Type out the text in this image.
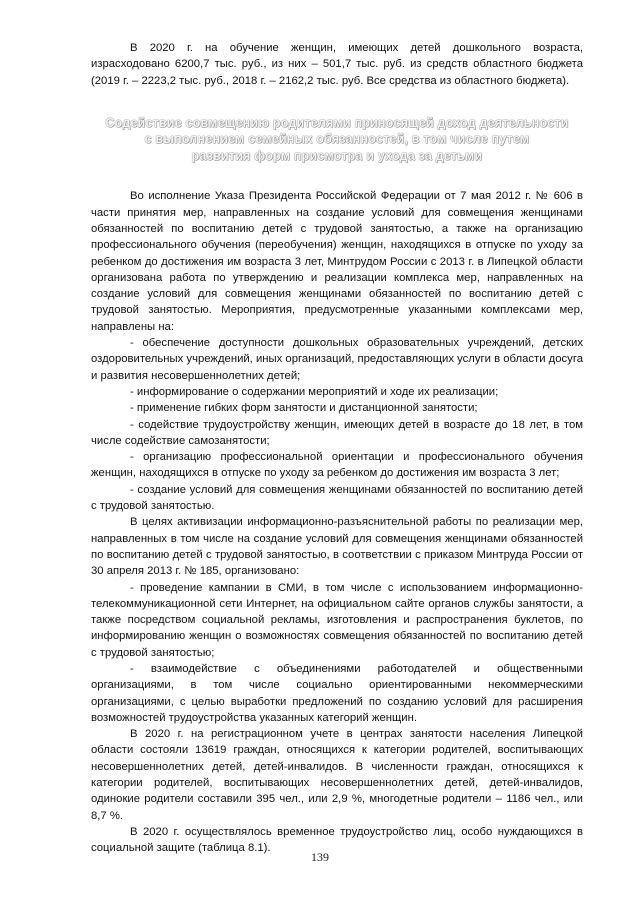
В 2020 г. на обучение женщин, имеющих детей дошкольного возраста, израсходовано 6200,7 тыс. руб., из них – 501,7 тыс. руб. из средств областного бюджета (2019 г. – 2223,2 тыс. руб., 2018 г. – 2162,2 тыс. руб. Все средства из областного бюджета).

Содействие совмещению родителями приносящей доход деятельности
с выполнением семейных обязанностей, в том числе путем
развития форм присмотра и ухода за детьми

Во исполнение Указа Президента Российской Федерации от 7 мая 2012 г. № 606 в части принятия мер, направленных на создание условий для совмещения женщинами обязанностей по воспитанию детей с трудовой занятостью, а также на организацию профессионального обучения (переобучения) женщин, находящихся в отпуске по уходу за ребенком до достижения им возраста 3 лет, Минтрудом России с 2013 г. в Липецкой области организована работа по утверждению и реализации комплекса мер, направленных на создание условий для совмещения женщинами обязанностей по воспитанию детей с трудовой занятостью. Мероприятия, предусмотренные указанными комплексами мер, направлены на:

- обеспечение доступности дошкольных образовательных учреждений, детских оздоровительных учреждений, иных организаций, предоставляющих услуги в области досуга и развития несовершеннолетних детей;

- информирование о содержании мероприятий и ходе их реализации;

- применение гибких форм занятости и дистанционной занятости;

- содействие трудоустройству женщин, имеющих детей в возрасте до 18 лет, в том числе содействие самозанятости;

- организацию профессиональной ориентации и профессионального обучения женщин, находящихся в отпуске по уходу за ребенком до достижения им возраста 3 лет;

- создание условий для совмещения женщинами обязанностей по воспитанию детей с трудовой занятостью.

В целях активизации информационно-разъяснительной работы по реализации мер, направленных в том числе на создание условий для совмещения женщинами обязанностей по воспитанию детей с трудовой занятостью, в соответствии с приказом Минтруда России от 30 апреля 2013 г. № 185, организовано:

- проведение кампании в СМИ, в том числе с использованием информационно-телекоммуникационной сети Интернет, на официальном сайте органов службы занятости, а также посредством социальной рекламы, изготовления и распространения буклетов, по информированию женщин о возможностях совмещения обязанностей по воспитанию детей с трудовой занятостью;

- взаимодействие с объединениями работодателей и общественными организациями, в том числе социально ориентированными некоммерческими организациями, с целью выработки предложений по созданию условий для расширения возможностей трудоустройства указанных категорий женщин.

В 2020 г. на регистрационном учете в центрах занятости населения Липецкой области состояли 13619 граждан, относящихся к категории родителей, воспитывающих несовершеннолетних детей, детей-инвалидов. В численности граждан, относящихся к категории родителей, воспитывающих несовершеннолетних детей, детей-инвалидов, одинокие родители составили 395 чел., или 2,9 %, многодетные родители – 1186 чел., или 8,7 %.

В 2020 г. осуществлялось временное трудоустройство лиц, особо нуждающихся в социальной защите (таблица 8.1).

139
